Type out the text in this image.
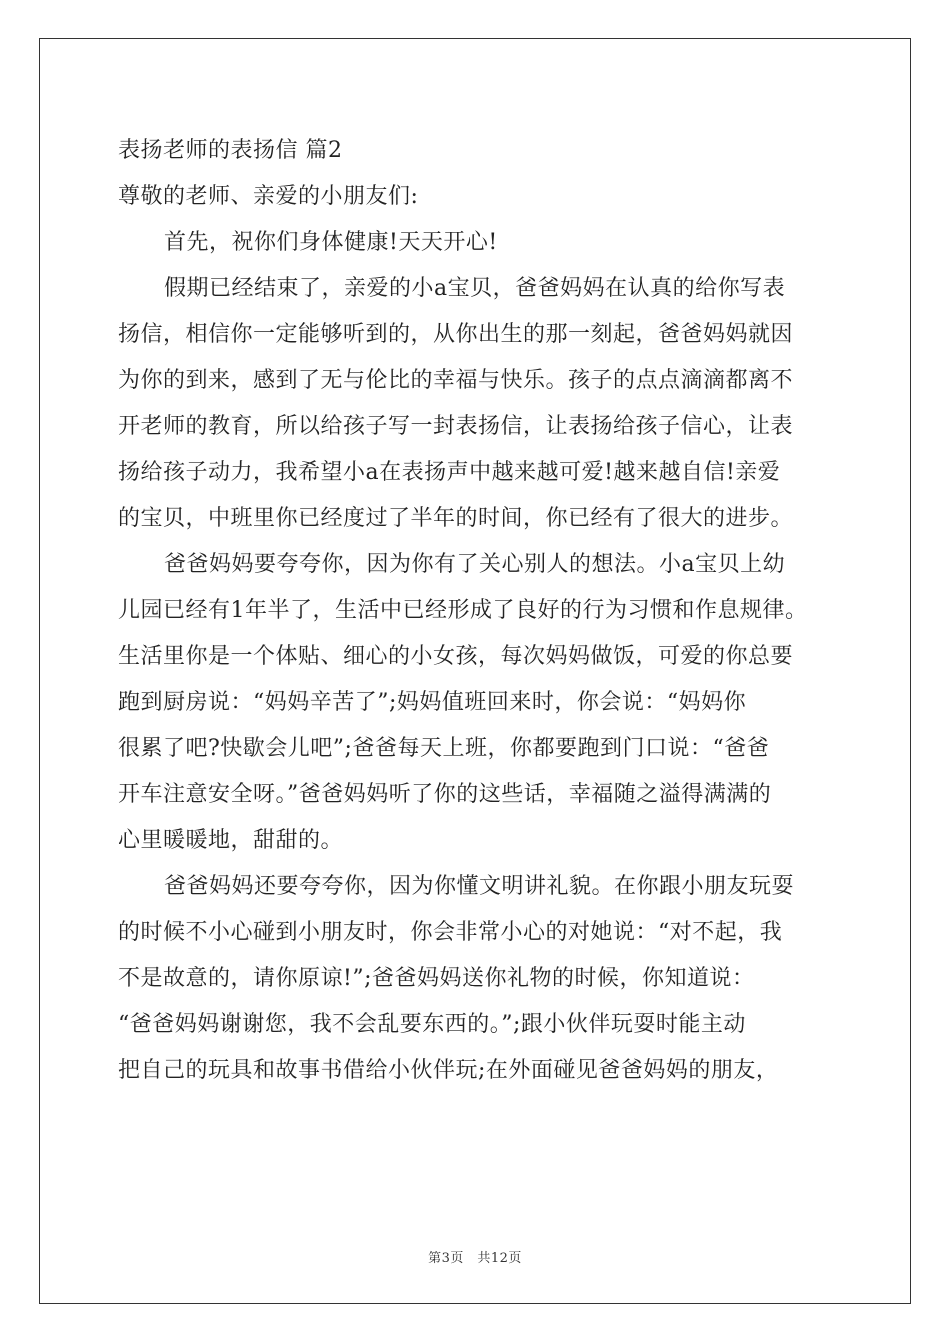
表扬老师的表扬信 篇2
尊敬的老师、亲爱的小朋友们:
首先，祝你们身体健康!天天开心!
假期已经结束了，亲爱的小a宝贝，爸爸妈妈在认真的给你写表
扬信，相信你一定能够听到的，从你出生的那一刻起，爸爸妈妈就因
为你的到来，感到了无与伦比的幸福与快乐。孩子的点点滴滴都离不
开老师的教育，所以给孩子写一封表扬信，让表扬给孩子信心，让表
扬给孩子动力，我希望小a在表扬声中越来越可爱!越来越自信!亲爱
的宝贝，中班里你已经度过了半年的时间，你已经有了很大的进步。
爸爸妈妈要夸夸你，因为你有了关心别人的想法。小a宝贝上幼
儿园已经有1年半了，生活中已经形成了良好的行为习惯和作息规律。
生活里你是一个体贴、细心的小女孩，每次妈妈做饭，可爱的你总要
跑到厨房说：“妈妈辛苦了”;妈妈值班回来时，你会说：“妈妈你
很累了吧?快歇会儿吧”;爸爸每天上班，你都要跑到门口说：“爸爸
开车注意安全呀。”爸爸妈妈听了你的这些话，幸福随之溢得满满的
心里暖暖地，甜甜的。
爸爸妈妈还要夸夸你，因为你懂文明讲礼貌。在你跟小朋友玩耍
的时候不小心碰到小朋友时，你会非常小心的对她说：“对不起，我
不是故意的，请你原谅!”;爸爸妈妈送你礼物的时候，你知道说：
“爸爸妈妈谢谢您，我不会乱要东西的。”;跟小伙伴玩耍时能主动
把自己的玩具和故事书借给小伙伴玩;在外面碰见爸爸妈妈的朋友，
第3页　共12页
